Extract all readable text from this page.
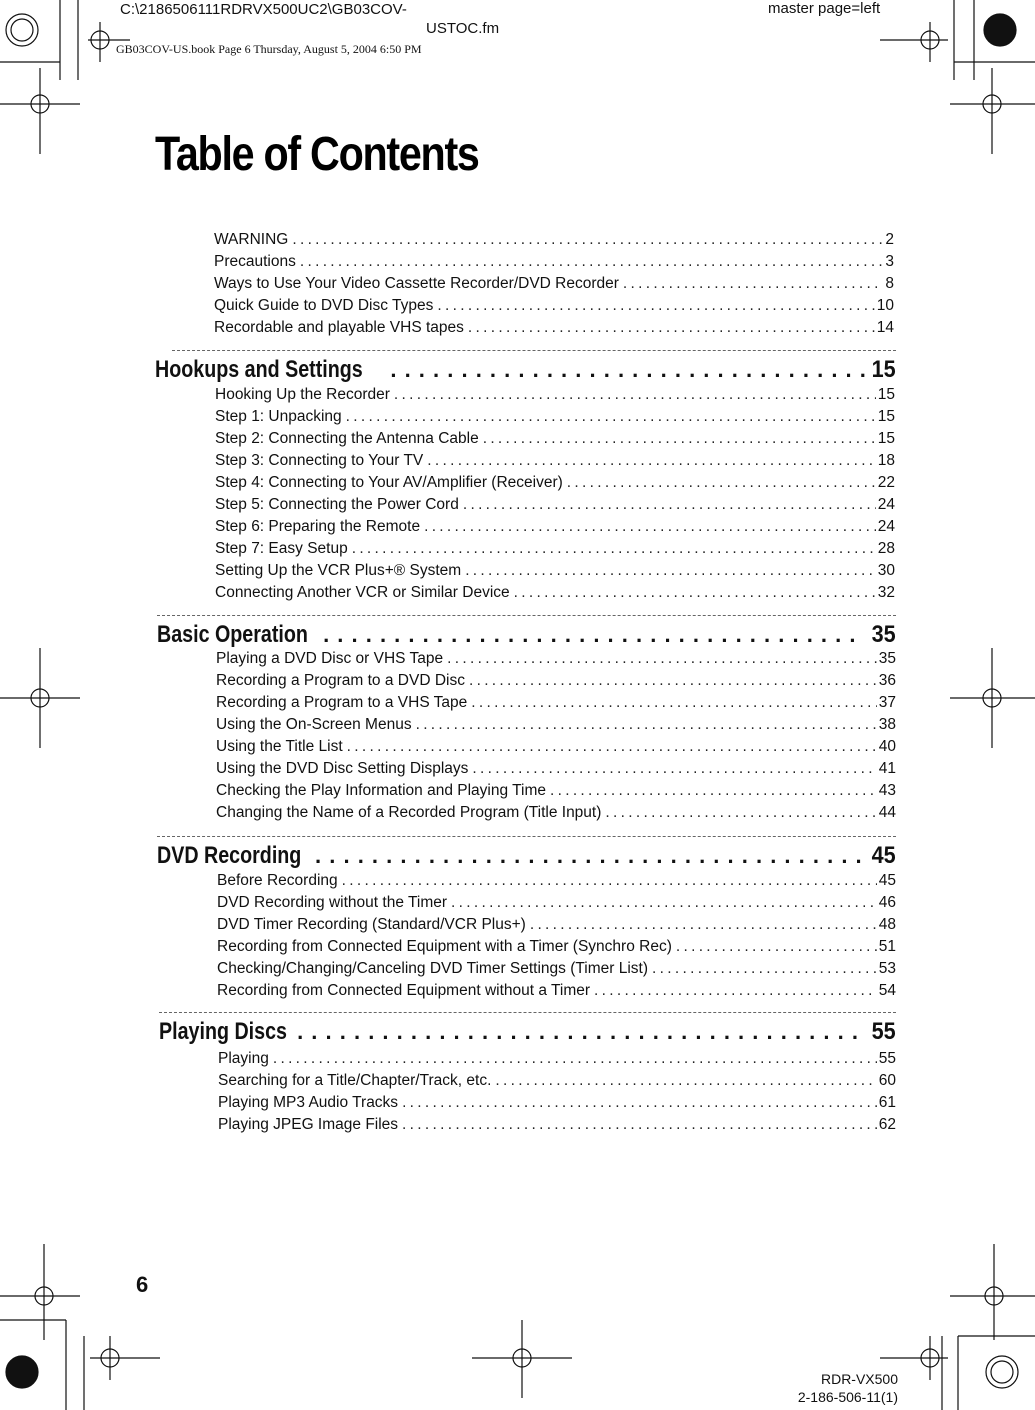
C:\2186506111RDRVX500UC2\GB03COV-
USTOC.fm
GB03COV-US.book Page 6 Thursday, August 5, 2004 6:50 PM
master page=left
Table of Contents
WARNING . . .	2
Precautions . . .	3
Ways to Use Your Video Cassette Recorder/DVD Recorder . . .	8
Quick Guide to DVD Disc Types . . .	10
Recordable and playable VHS tapes . . .	14
Hookups and Settings . . .	15
Hooking Up the Recorder . . .	15
Step 1: Unpacking . . .	15
Step 2: Connecting the Antenna Cable . . .	15
Step 3: Connecting to Your TV . . .	18
Step 4: Connecting to Your AV/Amplifier (Receiver) . . .	22
Step 5: Connecting the Power Cord . . .	24
Step 6: Preparing the Remote . . .	24
Step 7: Easy Setup . . .	28
Setting Up the VCR Plus+® System . . .	30
Connecting Another VCR or Similar Device . . .	32
Basic Operation . . .	35
Playing a DVD Disc or VHS Tape . . .	35
Recording a Program to a DVD Disc . . .	36
Recording a Program to a VHS Tape . . .	37
Using the On-Screen Menus . . .	38
Using the Title List . . .	40
Using the DVD Disc Setting Displays . . .	41
Checking the Play Information and Playing Time . . .	43
Changing the Name of a Recorded Program (Title Input) . . .	44
DVD Recording . . .	45
Before Recording . . .	45
DVD Recording without the Timer . . .	46
DVD Timer Recording (Standard/VCR Plus+) . . .	48
Recording from Connected Equipment with a Timer (Synchro Rec) . . .	51
Checking/Changing/Canceling DVD Timer Settings (Timer List) . . .	53
Recording from Connected Equipment without a Timer . . .	54
Playing Discs . . .	55
Playing . . .	55
Searching for a Title/Chapter/Track, etc. . . .	60
Playing MP3 Audio Tracks . . .	61
Playing JPEG Image Files . . .	62
6
RDR-VX500
2-186-506-11(1)
